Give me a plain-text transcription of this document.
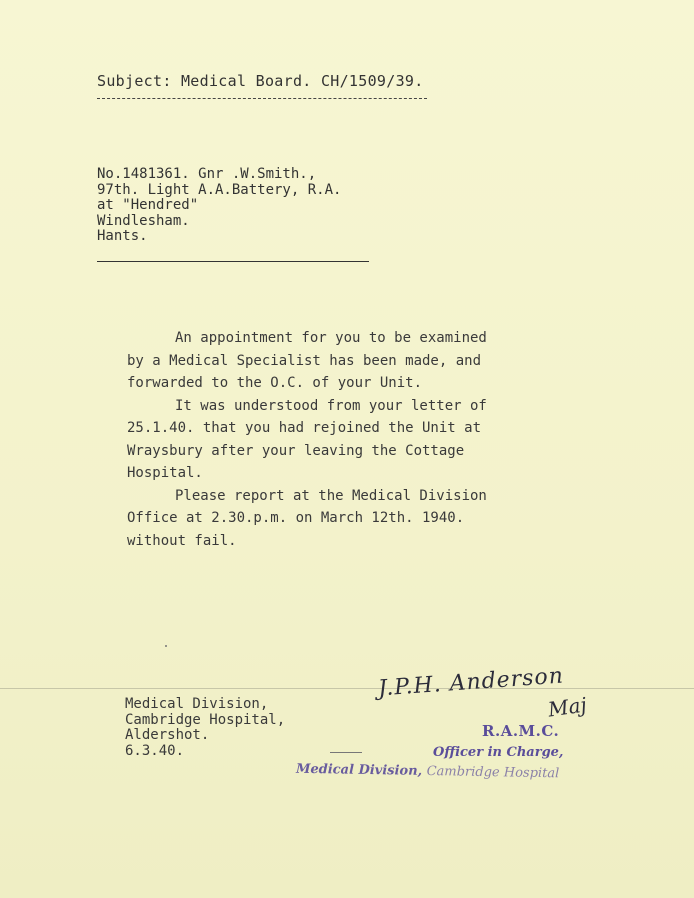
Subject: Medical Board. CH/1509/39.
No.1481361. Gnr .W.Smith.,
97th. Light A.A.Battery, R.A.
at "Hendred"
Windlesham.
Hants.

An appointment for you to be examined
by a Medical Specialist has been made, and
forwarded to the O.C. of your Unit.

It was understood from your letter of
25.1.40. that you had rejoined the Unit at
Wraysbury after your leaving the Cottage
Hospital.

Please report at the Medical Division
Office at 2.30.p.m. on March 12th. 1940.
without fail.

Medical Division,
Cambridge Hospital,
Aldershot.
6.3.40.
J.P.H. Anderson
Maj
R.A.M.C.
Officer in Charge,
Medical Division, Cambridge Hospital
